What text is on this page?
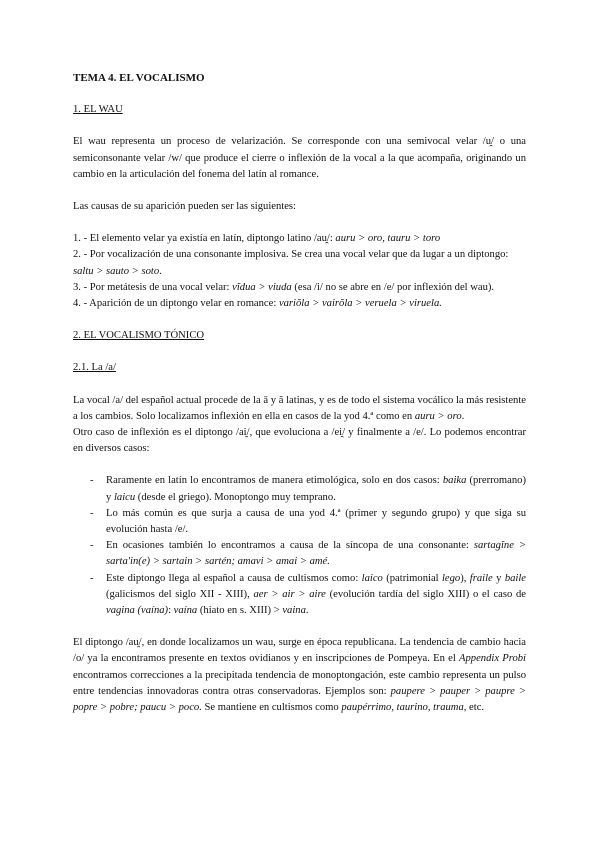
TEMA 4. EL VOCALISMO
1. EL WAU

El wau representa un proceso de velarización. Se corresponde con una semivocal velar /u̯/ o una semiconsonante velar /w/ que produce el cierre o inflexión de la vocal a la que acompaña, originando un cambio en la articulación del fonema del latín al romance.

Las causas de su aparición pueden ser las siguientes:

1. - El elemento velar ya existía en latín, diptongo latino /au̯/: auru > oro, tauru > toro
2. - Por vocalización de una consonante implosiva. Se crea una vocal velar que da lugar a un diptongo: saltu > sauto > soto.
3. - Por metátesis de una vocal velar: vĭdua > viuda (esa /i/ no se abre en /e/ por inflexión del wau).
4. - Aparición de un diptongo velar en romance: variŏla > vairŏla > veruela > viruela.
2. EL VOCALISMO TÓNICO
2.1. La /a/

La vocal /a/ del español actual procede de la ā y ă latinas, y es de todo el sistema vocálico la más resistente a los cambios. Solo localizamos inflexión en ella en casos de la yod 4.ª como en auru > oro.

Otro caso de inflexión es el diptongo /ai̯/, que evoluciona a /ei̯/ y finalmente a /e/. Lo podemos encontrar en diversos casos:

- Raramente en latín lo encontramos de manera etimológica, solo en dos casos: baika (prerromano) y laicu (desde el griego). Monoptongo muy temprano.
- Lo más común es que surja a causa de una yod 4.ª (primer y segundo grupo) y que siga su evolución hasta /e/.
- En ocasiones también lo encontramos a causa de la síncopa de una consonante: sartagĭne > sarta'in(e) > sartain > sartén; amavi > amai > amé.
- Este diptongo llega al español a causa de cultismos como: laico (patrimonial lego), fraile y baile (galicismos del siglo XII - XIII), aer > air > aire (evolución tardía del siglo XIII) o el caso de vagina (vaína): vaína (hiato en s. XIII) > vaina.

El diptongo /au̯/, en donde localizamos un wau, surge en época republicana. La tendencia de cambio hacia /o/ ya la encontramos presente en textos ovidianos y en inscripciones de Pompeya. En el Appendix Probi encontramos correcciones a la precipitada tendencia de monoptongación, este cambio representa un pulso entre tendencias innovadoras contra otras conservadoras. Ejemplos son: paupere > pauper > paupre > popre > pobre; paucu > poco. Se mantiene en cultismos como paupérrimo, taurino, trauma, etc.
